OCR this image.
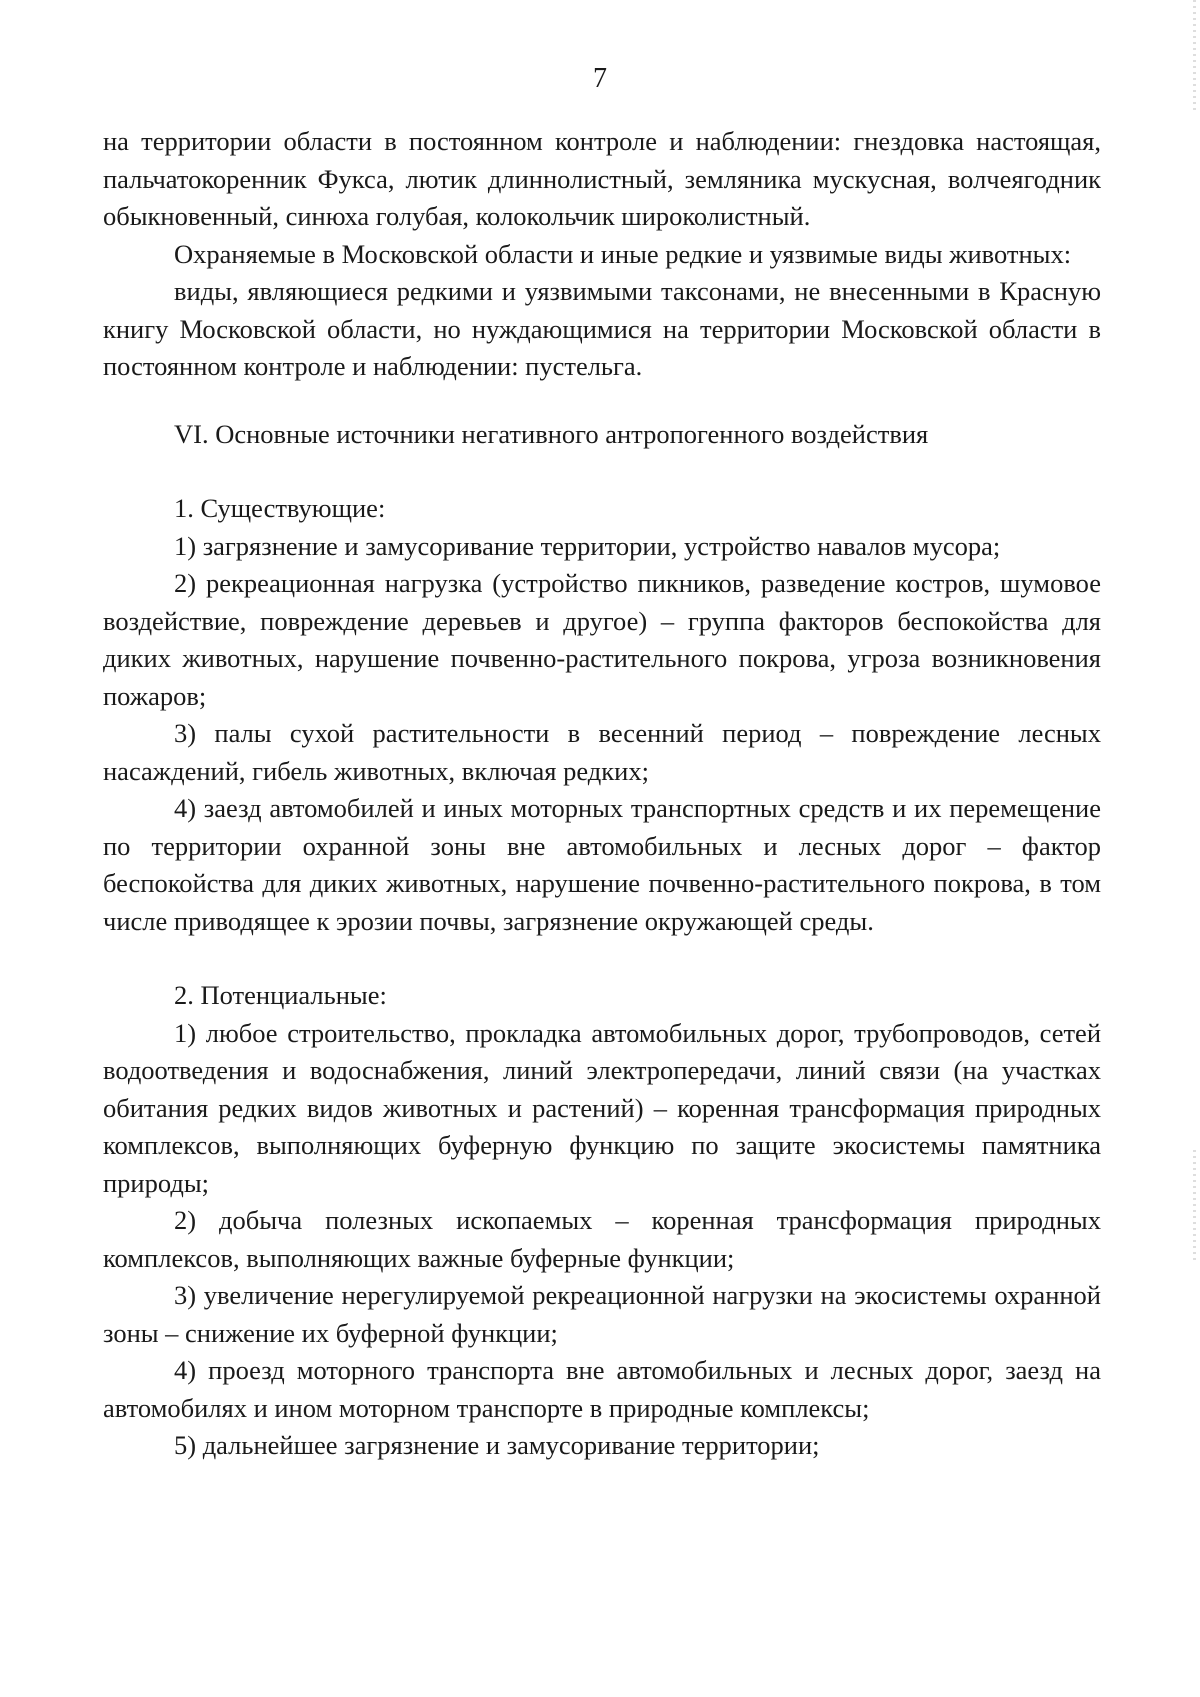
7

на территории области в постоянном контроле и наблюдении: гнездовка настоящая, пальчатокоренник Фукса, лютик длиннолистный, земляника мускусная, волчеягодник обыкновенный, синюха голубая, колокольчик широколистный.

Охраняемые в Московской области и иные редкие и уязвимые виды животных:

виды, являющиеся редкими и уязвимыми таксонами, не внесенными в Красную книгу Московской области, но нуждающимися на территории Московской области в постоянном контроле и наблюдении: пустельга.

VI. Основные источники негативного антропогенного воздействия

1. Существующие:

1) загрязнение и замусоривание территории, устройство навалов мусора;

2) рекреационная нагрузка (устройство пикников, разведение костров, шумовое воздействие, повреждение деревьев и другое) – группа факторов беспокойства для диких животных, нарушение почвенно-растительного покрова, угроза возникновения пожаров;

3) палы сухой растительности в весенний период – повреждение лесных насаждений, гибель животных, включая редких;

4) заезд автомобилей и иных моторных транспортных средств и их перемещение по территории охранной зоны вне автомобильных и лесных дорог – фактор беспокойства для диких животных, нарушение почвенно-растительного покрова, в том числе приводящее к эрозии почвы, загрязнение окружающей среды.

2. Потенциальные:

1) любое строительство, прокладка автомобильных дорог, трубопроводов, сетей водоотведения и водоснабжения, линий электропередачи, линий связи (на участках обитания редких видов животных и растений) – коренная трансформация природных комплексов, выполняющих буферную функцию по защите экосистемы памятника природы;

2) добыча полезных ископаемых – коренная трансформация природных комплексов, выполняющих важные буферные функции;

3) увеличение нерегулируемой рекреационной нагрузки на экосистемы охранной зоны – снижение их буферной функции;

4) проезд моторного транспорта вне автомобильных и лесных дорог, заезд на автомобилях и ином моторном транспорте в природные комплексы;

5) дальнейшее загрязнение и замусоривание территории;
